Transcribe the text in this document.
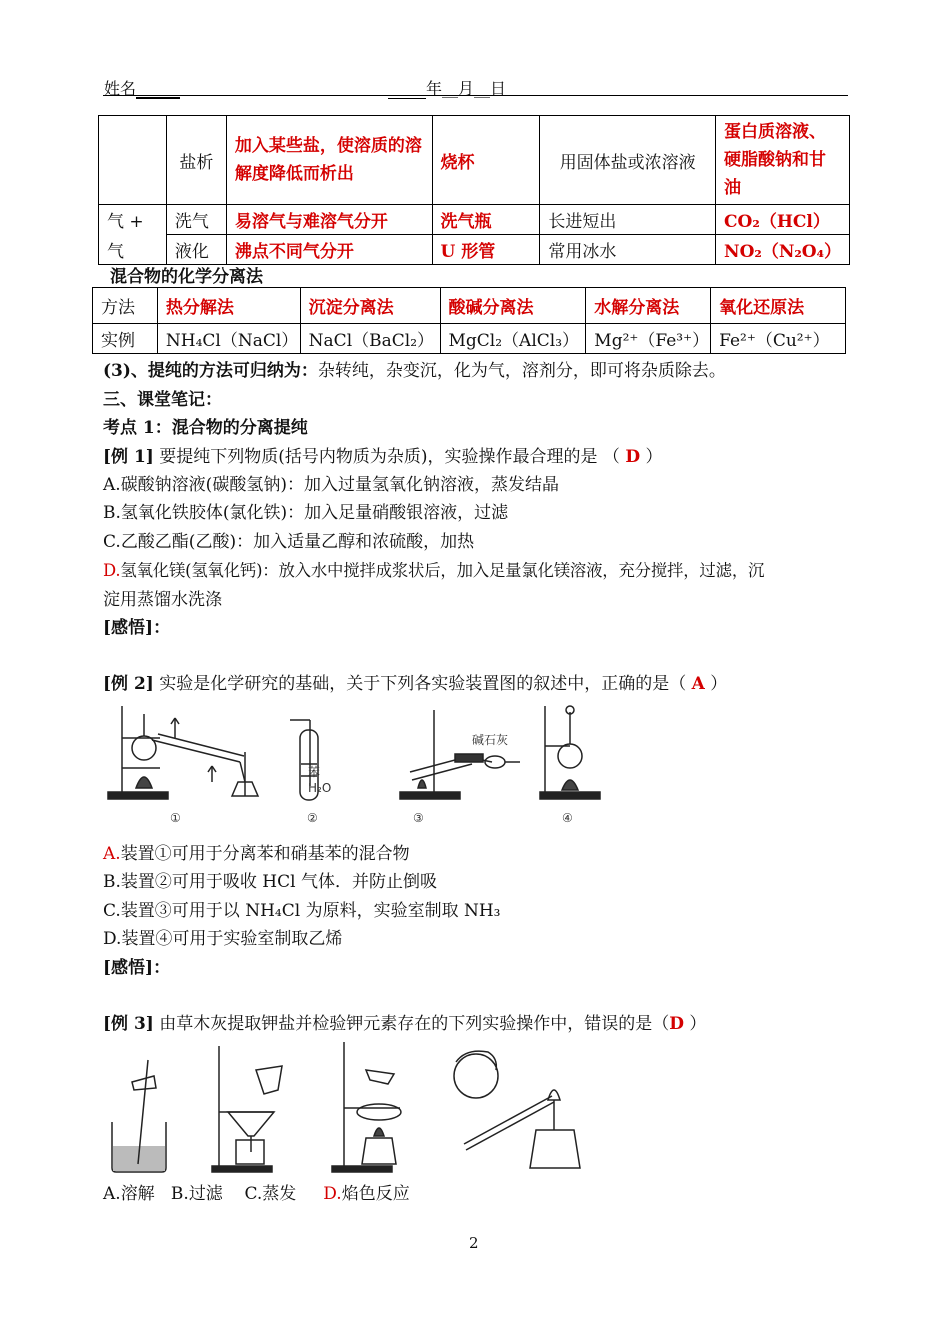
姓名	年__月__日
	盐析	加入某些盐，使溶质的溶解度降低而析出	烧杯	用固体盐或浓溶液	蛋白质溶液、硬脂酸钠和甘油
气 +	洗气	易溶气与难溶气分开	洗气瓶	长进短出	CO₂（HCl）
气	液化	沸点不同气分开	U 形管	常用冰水	NO₂（N₂O₄）
混合物的化学分离法
方法	热分解法	沉淀分离法	酸碱分离法	水解分离法	氧化还原法
实例	NH₄Cl（NaCl）	NaCl（BaCl₂）	MgCl₂（AlCl₃）	Mg²⁺（Fe³⁺）	Fe²⁺（Cu²⁺）
(3)、提纯的方法可归纳为：杂转纯，杂变沉，化为气，溶剂分，即可将杂质除去。
三、课堂笔记：
考点 1：混合物的分离提纯
[例 1] 要提纯下列物质(括号内物质为杂质)，实验操作最合理的是 （ D ）
A.碳酸钠溶液(碳酸氢钠)：加入过量氢氧化钠溶液，蒸发结晶
B.氢氧化铁胶体(氯化铁)：加入足量硝酸银溶液，过滤
C.乙酸乙酯(乙酸)：加入适量乙醇和浓硫酸，加热
D.氢氧化镁(氢氧化钙)：放入水中搅拌成浆状后，加入足量氯化镁溶液，充分搅拌，过滤，沉
淀用蒸馏水洗涤
[感悟]：
[例 2] 实验是化学研究的基础，关于下列各实验装置图的叙述中，正确的是（ A ）
苯
H₂O
碱石灰
①	②	③	④
A.装置①可用于分离苯和硝基苯的混合物
B.装置②可用于吸收 HCl 气体．并防止倒吸
C.装置③可用于以 NH₄Cl 为原料，实验室制取 NH₃
D.装置④可用于实验室制取乙烯
[感悟]：
[例 3] 由草木灰提取钾盐并检验钾元素存在的下列实验操作中，错误的是（D ）
A.溶解 B.过滤 C.蒸发 D.焰色反应
2
